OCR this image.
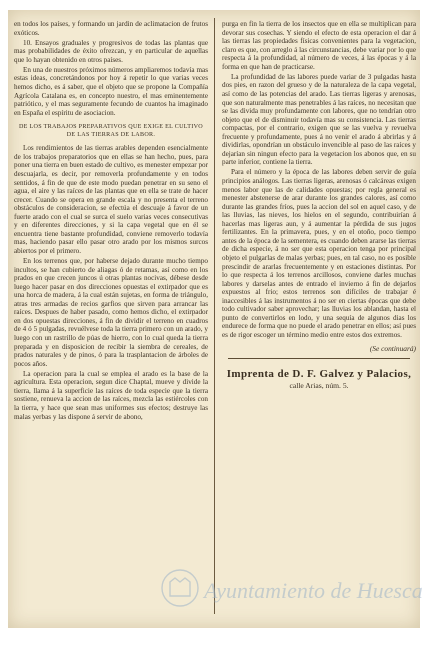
en todos los países, y formando un jardin de aclimatacion de frutos exóticos.

10. Ensayos graduales y progresivos de todas las plantas que mas probabilidades de éxito ofrezcan, y en particular de aquellas que lo hayan obtenido en otros países.

En una de nuestros próximos números ampliaremos todavía mas estas ideas, concretándonos por hoy á repetir lo que varias veces hemos dicho, es á saber, que el objeto que se propone la Compañía Agrícola Catalana es, en concepto nuestro, el mas eminentemente patriótico, y el mas seguramente fecundo de cuantos ha imaginado en España el espíritu de asociacion.

DE LOS TRABAJOS PREPARATIVOS QUE EXIGE EL CULTIVO DE LAS TIERRAS DE LABOR.

Los rendimientos de las tierras arables dependen esencialmente de los trabajos preparatorios que en ellas se han hecho, pues, para poner una tierra en buen estado de cultivo, es menester empezar por descuajarla, es decir, por removerla profundamente y en todos sentidos, á fin de que de este modo puedan penetrar en su seno el agua, el aire y las raíces de las plantas que en ella se trate de hacer crecer. Cuando se opera en grande escala y no presenta el terreno obstáculos de consideracion, se efectúa el descuaje á favor de un fuerte arado con el cual se surca el suelo varias veces consecutivas y en diferentes direcciones, y si la capa vegetal que en él se encuentra tiene bastante profundidad, conviene removerlo todavía mas, haciendo pasar ello pasar otro arado por los mismos surcos abiertos por el primero.

En los terrenos que, por haberse dejado durante mucho tiempo incultos, se han cubierto de aliagas ó de retamas, así como en los prados en que crecen juncos ú otras plantas nocivas, débese desde luego hacer pasar en dos direcciones opuestas el extirpador que es una horca de madera, á la cual están sujetas, en forma de triángulo, atras tres armadas de recios garfios que sirven para arrancar las raíces. Despues de haber pasado, como hemos dicho, el extirpador en dos opuestas direcciones, á fin de dividir el terreno en cuadros de 4 ó 5 pulgadas, revuélvese toda la tierra primero con un arado, y luego con un rastrillo de púas de hierro, con lo cual queda la tierra preparada y en disposicion de recibir la siembra de cereales, de prados naturales y de pinos, ó para la trasplantacion de árboles de pocos años.

La operacion para la cual se emplea el arado es la base de la agricultura. Esta operacion, segun dice Chaptal, mueve y divide la tierra, llama á la superficie las raíces de toda especie que la tierra sostiene, renueva la accion de las raíces, mezcla las estiércoles con la tierra, y hace que sean mas uniformes sus efectos; destruye las malas yerbas y las dispone á servir de abono,

purga en fin la tierra de los insectos que en ella se multiplican para devorar sus cosechas. Y siendo el efecto de esta operacion el dar á las tierras las propiedades físicas convenientes para la vegetacion, claro es que, con arreglo á las circunstancias, debe variar por lo que respecta á la profundidad, al número de veces, á las épocas y á la forma en que han de practicarse.

La profundidad de las labores puede variar de 3 pulgadas hasta dos pies, en razon del grueso y de la naturaleza de la capa vegetal, así como de las potencias del arado. Las tierras ligeras y arenosas, que son naturalmente mas penetrables á las raíces, no necesitan que se las divida muy profundamente con labores, que no tendrían otro objeto que el de disminuir todavía mas su consistencia. Las tierras compactas, por el contrario, exigen que se las vuelva y revuelva frecuente y profundamente, pues á no venir el arado á abrirlas y á dividirlas, opondrían un obstáculo invencible al paso de las raíces y dejarían sin ningun efecto para la vegetacion los abonos que, en su parte inferior, contiene la tierra.

Para el número y la época de las labores deben servir de guía principios análogos. Las tierras ligeras, arenosas ó calcáreas exigen menos labor que las de calidades opuestas; por regla general es menester abstenerse de arar durante los grandes calores, así como durante las grandes fríos, pues la accion del sol en aquel caso, y de las lluvias, las nieves, los hielos en el segundo, contribuirían á hacerlas mas ligeras aun, y á aumentar la pérdida de sus jugos fertilizantes. En la primavera, pues, y en el otoño, poco tiempo antes de la época de la sementera, es cuando deben ararse las tierras de dicha especie, á no ser que esta operacion tenga por principal objeto el pulgarlas de malas yerbas; pues, en tal caso, no es posible prescindir de ararlas frecuentemente y en estaciones distintas. Por lo que respecta á los terrenos arcillosos, conviene darles muchas labores y darselas antes de entrado el invierno á fin de dejarlos expuestos al frio; estos terrenos son difíciles de trabajar é inaccesibles á las instrumentos á no ser en ciertas épocas que debe todo cultivador saber aprovechar; las lluvias los ablandan, hasta el punto de convertirlos en lodo, y una sequía de algunos dias los endurece de forma que no puede el arado penetrar en ellos; así pues es de rigor escoger un término medio entre estos dos extremos.

(Se continuará)
Imprenta de D. F. Galvez y Palacios,
calle Arias, núm. 5.
Ayuntamiento de Huesca
